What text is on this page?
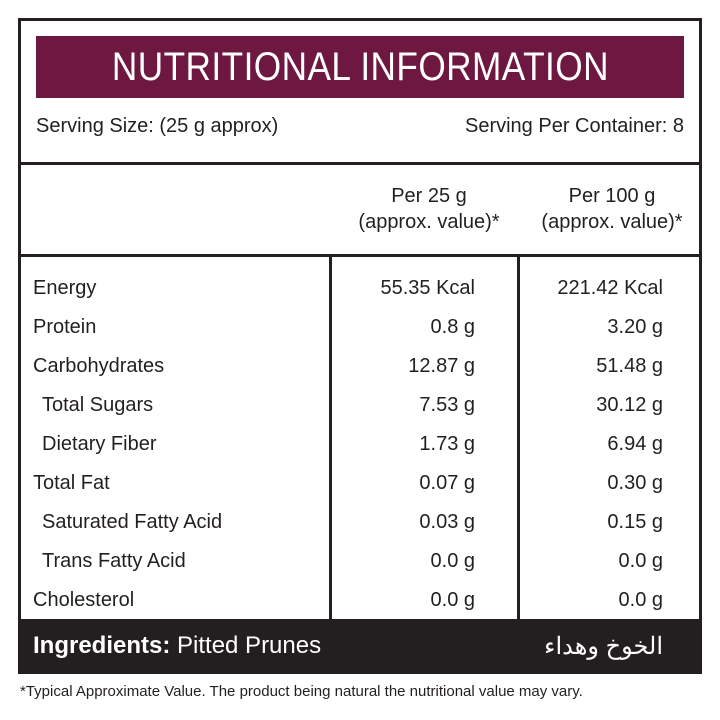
NUTRITIONAL INFORMATION
Serving Size: (25 g approx)	Serving Per Container: 8
Per 25 g
(approx. value)*
Per 100 g
(approx. value)*
Energy	55.35 Kcal	221.42 Kcal
Protein	0.8 g	3.20 g
Carbohydrates	12.87 g	51.48 g
Total Sugars	7.53 g	30.12 g
Dietary Fiber	1.73 g	6.94 g
Total Fat	0.07 g	0.30 g
Saturated Fatty Acid	0.03 g	0.15 g
Trans Fatty Acid	0.0 g	0.0 g
Cholesterol	0.0 g	0.0 g
Ingredients: Pitted Prunes	الخوخ وهداء
*Typical Approximate Value. The product being natural the nutritional value may vary.
